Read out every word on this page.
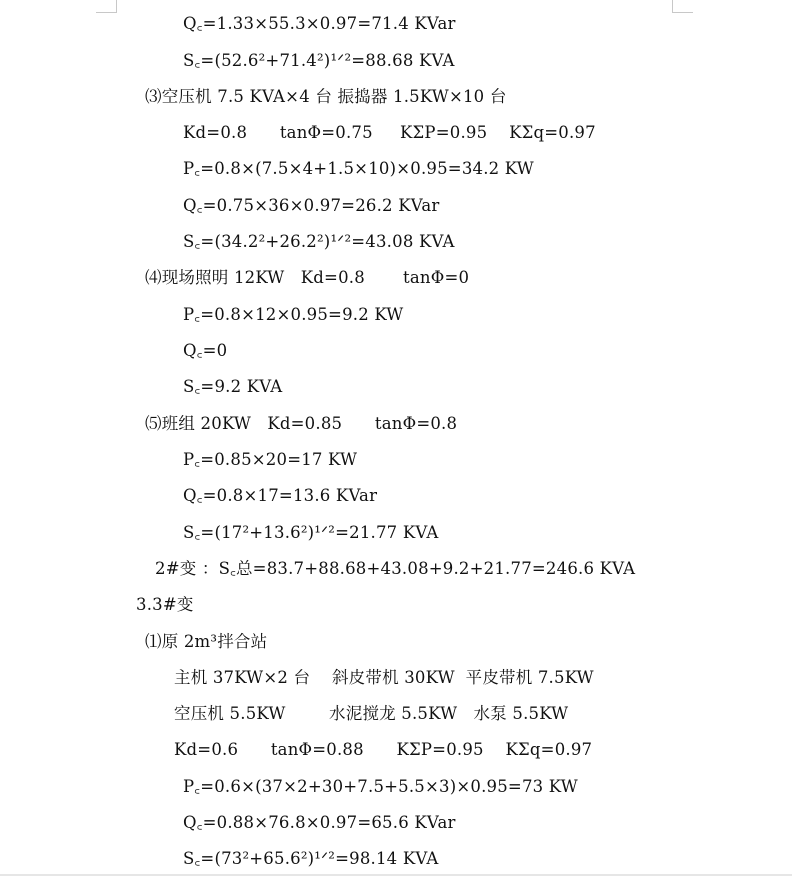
Q꜀=1.33×55.3×0.97=71.4 KVar
S꜀=(52.6²+71.4²)¹ᐟ²=88.68 KVA
⑶空压机 7.5 KVA×4 台 振捣器 1.5KW×10 台
Kd=0.8      tanΦ=0.75     KΣP=0.95    KΣq=0.97
P꜀=0.8×(7.5×4+1.5×10)×0.95=34.2 KW
Q꜀=0.75×36×0.97=26.2 KVar
S꜀=(34.2²+26.2²)¹ᐟ²=43.08 KVA
⑷现场照明 12KW   Kd=0.8       tanΦ=0
P꜀=0.8×12×0.95=9.2 KW
Q꜀=0
S꜀=9.2 KVA
⑸班组 20KW   Kd=0.85      tanΦ=0.8
P꜀=0.85×20=17 KW
Q꜀=0.8×17=13.6 KVar
S꜀=(17²+13.6²)¹ᐟ²=21.77 KVA
2#变 ：S꜀总=83.7+88.68+43.08+9.2+21.77=246.6 KVA
3.3#变
⑴原 2m³拌合站
主机 37KW×2 台    斜皮带机 30KW  平皮带机 7.5KW
空压机 5.5KW        水泥搅龙 5.5KW   水泵 5.5KW
Kd=0.6      tanΦ=0.88      KΣP=0.95    KΣq=0.97
P꜀=0.6×(37×2+30+7.5+5.5×3)×0.95=73 KW
Q꜀=0.88×76.8×0.97=65.6 KVar
S꜀=(73²+65.6²)¹ᐟ²=98.14 KVA
